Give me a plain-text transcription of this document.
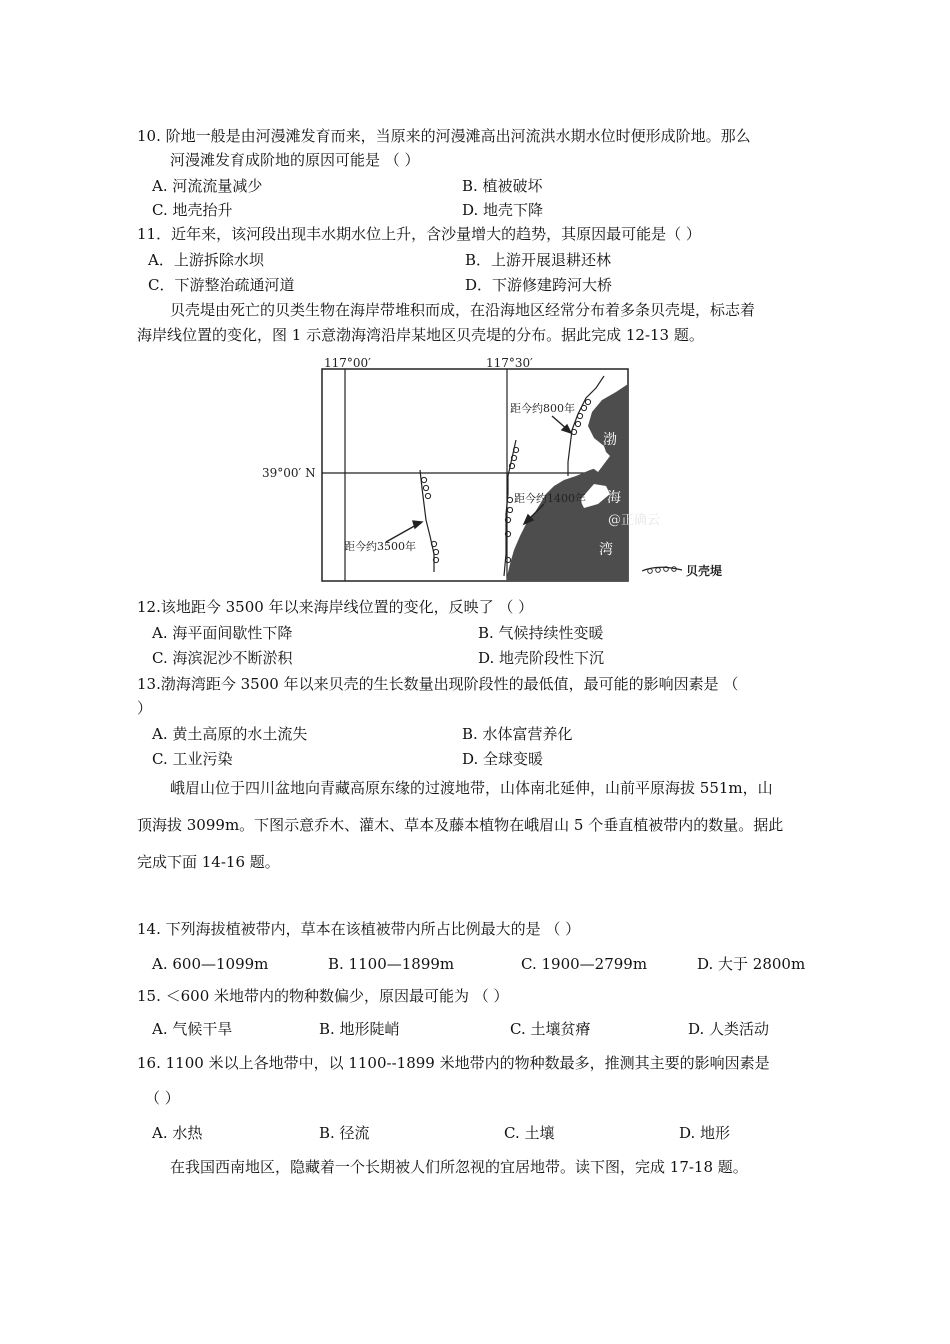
10. 阶地一般是由河漫滩发育而来，当原来的河漫滩高出河流洪水期水位时便形成阶地。那么
河漫滩发育成阶地的原因可能是 （ ）
A. 河流流量减少	B. 植被破坏
C. 地壳抬升	D. 地壳下降
11．近年来，该河段出现丰水期水位上升，含沙量增大的趋势，其原因最可能是（ ）
A．上游拆除水坝	B．上游开展退耕还林
C．下游整治疏通河道	D．下游修建跨河大桥
贝壳堤由死亡的贝类生物在海岸带堆积而成，在沿海地区经常分布着多条贝壳堤，标志着
海岸线位置的变化，图 1 示意渤海湾沿岸某地区贝壳堤的分布。据此完成 12-13 题。
117°00′	117°30′
39°00′ N
距今约800年
距今约1400年
距今约3500年
渤
海
湾
@正确云
贝壳堤
12.该地距今 3500 年以来海岸线位置的变化，反映了 （ ）
A. 海平面间歇性下降	B. 气候持续性变暖
C. 海滨泥沙不断淤积	D. 地壳阶段性下沉
13.渤海湾距今 3500 年以来贝壳的生长数量出现阶段性的最低值，最可能的影响因素是 （
）
A. 黄土高原的水土流失	B. 水体富营养化
C. 工业污染	D. 全球变暖
峨眉山位于四川盆地向青藏高原东缘的过渡地带，山体南北延伸，山前平原海拔 551m，山
顶海拔 3099m。下图示意乔木、灌木、草本及藤本植物在峨眉山 5 个垂直植被带内的数量。据此
完成下面 14-16 题。
14. 下列海拔植被带内，草本在该植被带内所占比例最大的是 （ ）
A. 600—1099m	B. 1100—1899m	C. 1900—2799m	D. 大于 2800m
15. ＜600 米地带内的物种数偏少，原因最可能为 （ ）
A. 气候干旱	B. 地形陡峭	C. 土壤贫瘠	D. 人类活动
16. 1100 米以上各地带中，以 1100--1899 米地带内的物种数最多，推测其主要的影响因素是
（ ）
A. 水热	B. 径流	C. 土壤	D. 地形
在我国西南地区，隐藏着一个长期被人们所忽视的宜居地带。读下图，完成 17-18 题。
